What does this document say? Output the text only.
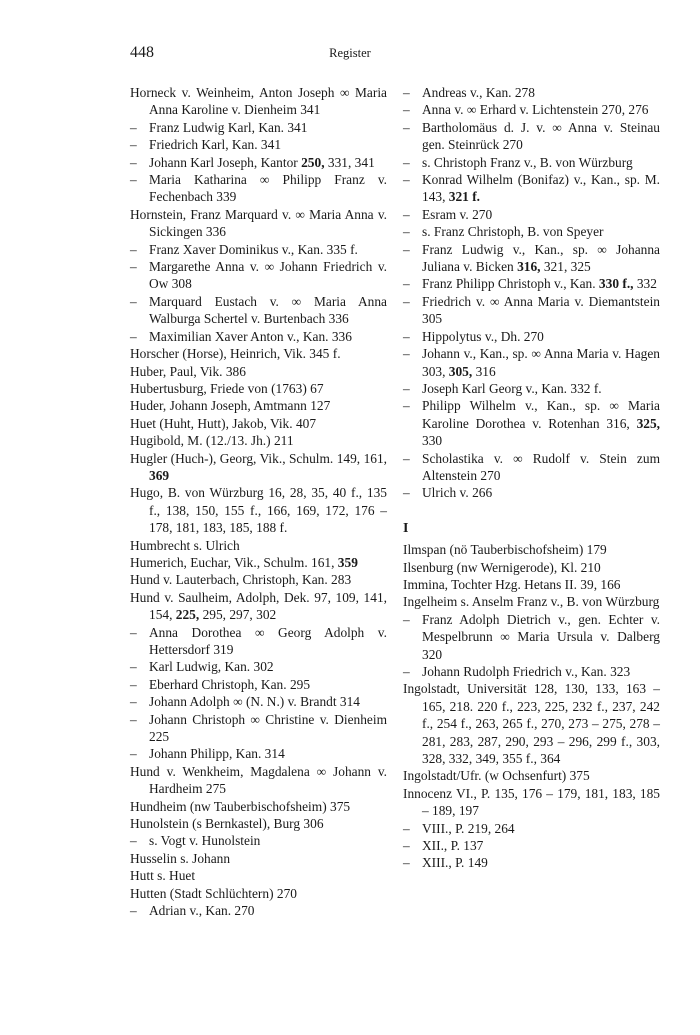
448	Register

Horneck v. Weinheim, Anton Joseph ∞ Maria Anna Karoline v. Dienheim 341

– Franz Ludwig Karl, Kan. 341

– Friedrich Karl, Kan. 341

– Johann Karl Joseph, Kantor 250, 331, 341

– Maria Katharina ∞ Philipp Franz v. Fechenbach 339

Hornstein, Franz Marquard v. ∞ Maria Anna v. Sickingen 336

– Franz Xaver Dominikus v., Kan. 335 f.

– Margarethe Anna v. ∞ Johann Friedrich v. Ow 308

– Marquard Eustach v. ∞ Maria Anna Walburga Schertel v. Burtenbach 336

– Maximilian Xaver Anton v., Kan. 336

Horscher (Horse), Heinrich, Vik. 345 f.

Huber, Paul, Vik. 386

Hubertusburg, Friede von (1763) 67

Huder, Johann Joseph, Amtmann 127

Huet (Huht, Hutt), Jakob, Vik. 407

Hugibold, M. (12./13. Jh.) 211

Hugler (Huch-), Georg, Vik., Schulm. 149, 161, 369

Hugo, B. von Würzburg 16, 28, 35, 40 f., 135 f., 138, 150, 155 f., 166, 169, 172, 176 – 178, 181, 183, 185, 188 f.

Humbrecht s. Ulrich

Humerich, Euchar, Vik., Schulm. 161, 359

Hund v. Lauterbach, Christoph, Kan. 283

Hund v. Saulheim, Adolph, Dek. 97, 109, 141, 154, 225, 295, 297, 302

– Anna Dorothea ∞ Georg Adolph v. Hettersdorf 319

– Karl Ludwig, Kan. 302

– Eberhard Christoph, Kan. 295

– Johann Adolph ∞ (N. N.) v. Brandt 314

– Johann Christoph ∞ Christine v. Dienheim 225

– Johann Philipp, Kan. 314

Hund v. Wenkheim, Magdalena ∞ Johann v. Hardheim 275

Hundheim (nw Tauberbischofsheim) 375

Hunolstein (s Bernkastel), Burg 306

– s. Vogt v. Hunolstein

Husselin s. Johann

Hutt s. Huet

Hutten (Stadt Schlüchtern) 270

– Adrian v., Kan. 270

– Andreas v., Kan. 278

– Anna v. ∞ Erhard v. Lichtenstein 270, 276

– Bartholomäus d. J. v. ∞ Anna v. Steinau gen. Steinrück 270

– s. Christoph Franz v., B. von Würzburg

– Konrad Wilhelm (Bonifaz) v., Kan., sp. M. 143, 321 f.

– Esram v. 270

– s. Franz Christoph, B. von Speyer

– Franz Ludwig v., Kan., sp. ∞ Johanna Juliana v. Bicken 316, 321, 325

– Franz Philipp Christoph v., Kan. 330 f., 332

– Friedrich v. ∞ Anna Maria v. Diemantstein 305

– Hippolytus v., Dh. 270

– Johann v., Kan., sp. ∞ Anna Maria v. Hagen 303, 305, 316

– Joseph Karl Georg v., Kan. 332 f.

– Philipp Wilhelm v., Kan., sp. ∞ Maria Karoline Dorothea v. Rotenhan 316, 325, 330

– Scholastika v. ∞ Rudolf v. Stein zum Altenstein 270

– Ulrich v. 266

I

Ilmspan (nö Tauberbischofsheim) 179

Ilsenburg (nw Wernigerode), Kl. 210

Immina, Tochter Hzg. Hetans II. 39, 166

Ingelheim s. Anselm Franz v., B. von Würzburg

– Franz Adolph Dietrich v., gen. Echter v. Mespelbrunn ∞ Maria Ursula v. Dalberg 320

– Johann Rudolph Friedrich v., Kan. 323

Ingolstadt, Universität 128, 130, 133, 163 – 165, 218. 220 f., 223, 225, 232 f., 237, 242 f., 254 f., 263, 265 f., 270, 273 – 275, 278 – 281, 283, 287, 290, 293 – 296, 299 f., 303, 328, 332, 349, 355 f., 364

Ingolstadt/Ufr. (w Ochsenfurt) 375

Innocenz VI., P. 135, 176 – 179, 181, 183, 185 – 189, 197

– VIII., P. 219, 264

– XII., P. 137

– XIII., P. 149
